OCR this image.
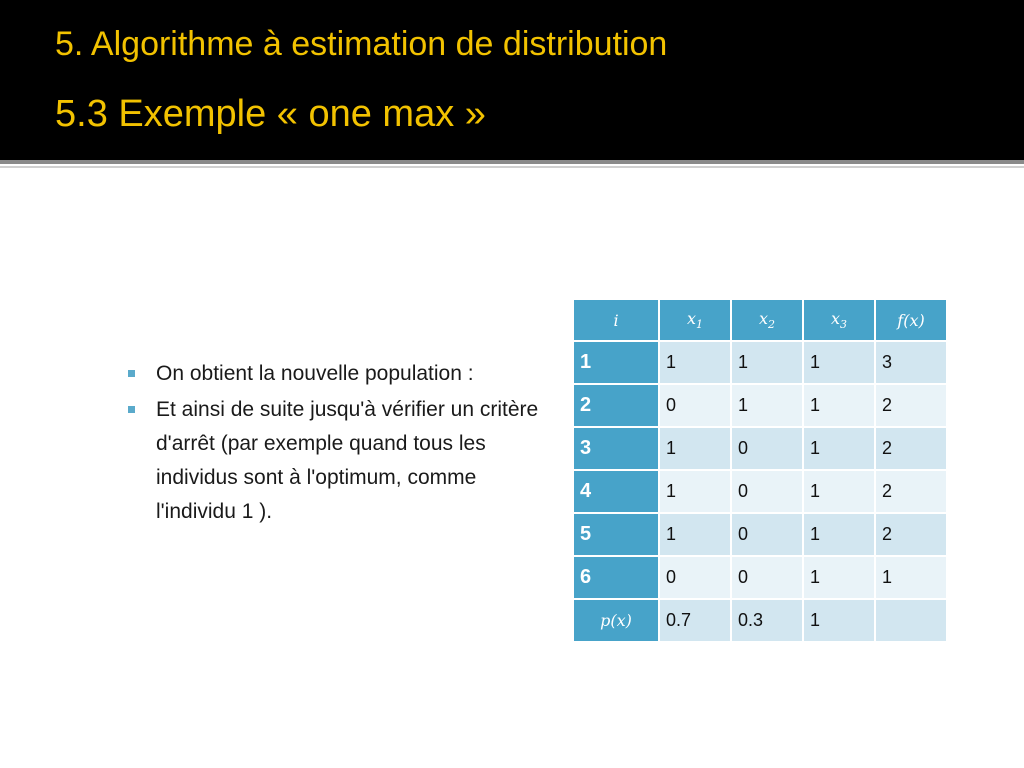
5. Algorithme à estimation de distribution
5.3 Exemple « one max »
On obtient la nouvelle population :
Et ainsi de suite jusqu'à vérifier un critère d'arrêt (par exemple quand tous les individus sont à l'optimum, comme l'individu 1 ).
i	$x_1$	$x_2$	$x_3$	f(x)
1	1	1	1	3
2	0	1	1	2
3	1	0	1	2
4	1	0	1	2
5	1	0	1	2
6	0	0	1	1
p(x)	0.7	0.3	1	
